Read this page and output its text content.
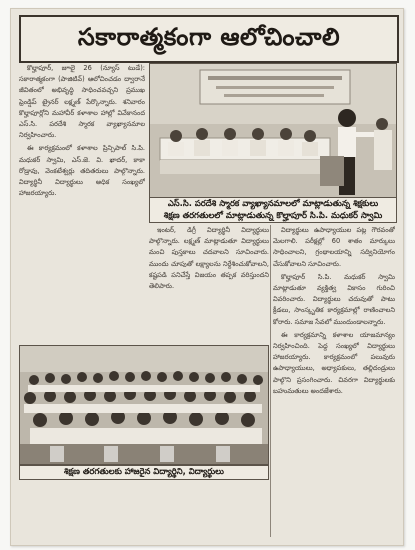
సకారాత్మకంగా ఆలోచించాలి

కొల్హాపూర్, జూలై 26 (న్యూస్ టుడే): సకారాత్మకంగా (పాజిటివ్) ఆలోచించడం ద్వారానే జీవితంలో అభివృద్ధి సాధించవచ్చని ప్రముఖ ఫ్రెండ్షిప్ ట్రైనర్ లక్ష్మణ్ పేర్కొన్నారు. శనివారం కొల్హాపూర్లోని మహావీర్ కళాశాల హాల్లో వివేకానంద ఎస్.సి. పరదేశి స్మారక వ్యాఖ్యానమాల నిర్వహించారు.

ఈ కార్యక్రమంలో కళాశాల ప్రిన్సిపాల్ సి.పి. మధుకర్ స్వామి, ఎస్.జె. వి. ఖాదర్, కాకా రోడ్రావు, వెంకటేశ్వర్లు తదితరులు పాల్గొన్నారు. విద్యార్థినీ విద్యార్థులు అధిక సంఖ్యలో హాజరయ్యారు.

ఎస్.సి. పరదేశి స్మారక వ్యాఖ్యానమాలలో మాట్లాడుతున్న శిక్షకులు
శిక్షణ తరగతులలో మాట్లాడుతున్న కొల్హాపూర్ సి.పి. మధుకర్ స్వామి

ఇంటర్, డిగ్రీ విద్యార్థినీ విద్యార్థులు పాల్గొన్నారు. లక్ష్మణ్ మాట్లాడుతూ విద్యార్థులు మంచి పుస్తకాలు చదవాలని సూచించారు. ముందు చూపుతో లక్ష్యాలను నిర్దేశించుకోవాలని, కష్టపడి పనిచేస్తే విజయం తప్పక వరిస్తుందని తెలిపారు.

విద్యార్థులు ఉపాధ్యాయుల పట్ల గౌరవంతో మెలగాలి. పరీక్షల్లో 60 శాతం మార్కులు సాధించాలని, గ్రంథాలయాన్ని సద్వినియోగం చేసుకోవాలని సూచించారు.

కొల్హాపూర్ సి.పి. మధుకర్ స్వామి మాట్లాడుతూ వ్యక్తిత్వ వికాసం గురించి వివరించారు. విద్యార్థులు చదువుతో పాటు క్రీడలు, సాంస్కృతిక కార్యక్రమాల్లో రాణించాలని కోరారు. సమాజ సేవలో ముందుండాలన్నారు.

ఈ కార్యక్రమాన్ని కళాశాల యాజమాన్యం నిర్వహించింది. పెద్ద సంఖ్యలో విద్యార్థులు హాజరయ్యారు. కార్యక్రమంలో పలువురు ఉపాధ్యాయులు, అధ్యాపకులు, తల్లిదండ్రులు పాల్గొని ప్రసంగించారు. చివరగా విద్యార్థులకు బహుమతులు అందజేశారు.

శిక్షణ తరగతులకు హాజరైన విద్యార్థిని, విద్యార్థులు
